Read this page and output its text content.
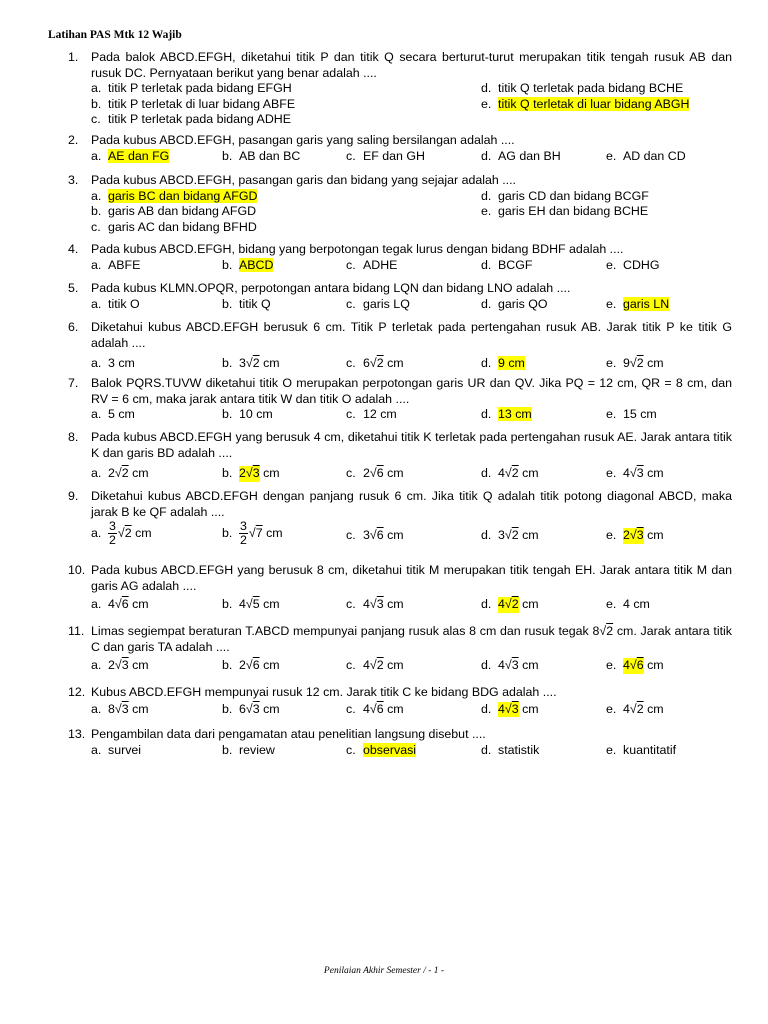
Latihan PAS Mtk 12 Wajib
1.	Pada balok ABCD.EFGH, diketahui titik P dan titik Q secara berturut-turut merupakan titik tengah rusuk AB dan rusuk DC. Pernyataan berikut yang benar adalah ....
a. titik P terletak pada bidang EFGH	d. titik Q terletak pada bidang BCHE
b. titik P terletak di luar bidang ABFE	e. titik Q terletak di luar bidang ABGH
c. titik P terletak pada bidang ADHE
2.	Pada kubus ABCD.EFGH, pasangan garis yang saling bersilangan adalah ....
a. AE dan FG	b. AB dan BC	c. EF dan GH	d. AG dan BH	e. AD dan CD
3.	Pada kubus ABCD.EFGH, pasangan garis dan bidang yang sejajar adalah ....
a. garis BC dan bidang AFGD	d. garis CD dan bidang BCGF
b. garis AB dan bidang AFGD	e. garis EH dan bidang BCHE
c. garis AC dan bidang BFHD
4.	Pada kubus ABCD.EFGH, bidang yang berpotongan tegak lurus dengan bidang BDHF adalah ....
a. ABFE	b. ABCD	c. ADHE	d. BCGF	e. CDHG
5.	Pada kubus KLMN.OPQR, perpotongan antara bidang LQN dan bidang LNO adalah ....
a. titik O	b. titik Q	c. garis LQ	d. garis QO	e. garis LN
6.	Diketahui kubus ABCD.EFGH berusuk 6 cm. Titik P terletak pada pertengahan rusuk AB. Jarak titik P ke titik G adalah ....
a. 3 cm	b. 3√2 cm	c. 6√2 cm	d. 9 cm	e. 9√2 cm
7.	Balok PQRS.TUVW diketahui titik O merupakan perpotongan garis UR dan QV. Jika PQ = 12 cm, QR = 8 cm, dan RV = 6 cm, maka jarak antara titik W dan titik O adalah ....
a. 5 cm	b. 10 cm	c. 12 cm	d. 13 cm	e. 15 cm
8.	Pada kubus ABCD.EFGH yang berusuk 4 cm, diketahui titik K terletak pada pertengahan rusuk AE. Jarak antara titik K dan garis BD adalah ....
a. 2√2 cm	b. 2√3 cm	c. 2√6 cm	d. 4√2 cm	e. 4√3 cm
9.	Diketahui kubus ABCD.EFGH dengan panjang rusuk 6 cm. Jika titik Q adalah titik potong diagonal ABCD, maka jarak B ke QF adalah ....
a. $\frac{3}{2} √2$ cm	b. $\frac{3}{2} √7$ cm	c. 3√6 cm	d. 3√2 cm	e. 2√3 cm
10. Pada kubus ABCD.EFGH yang berusuk 8 cm, diketahui titik M merupakan titik tengah EH. Jarak antara titik M dan garis AG adalah ....
a. 4√6 cm	b. 4√5 cm	c. 4√3 cm	d. 4√2 cm	e. 4 cm
11. Limas segiempat beraturan T.ABCD mempunyai panjang rusuk alas 8 cm dan rusuk tegak 8√2 cm. Jarak antara titik C dan garis TA adalah ....
a. 2√3 cm	b. 2√6 cm	c. 4√2 cm	d. 4√3 cm	e. 4√6 cm
12. Kubus ABCD.EFGH mempunyai rusuk 12 cm. Jarak titik C ke bidang BDG adalah ....
a. 8√3 cm	b. 6√3 cm	c. 4√6 cm	d. 4√3 cm	e. 4√2 cm
13. Pengambilan data dari pengamatan atau penelitian langsung disebut ....
a. survei	b. review	c. observasi	d. statistik	e. kuantitatif
Penilaian Akhir Semester / - 1 -
